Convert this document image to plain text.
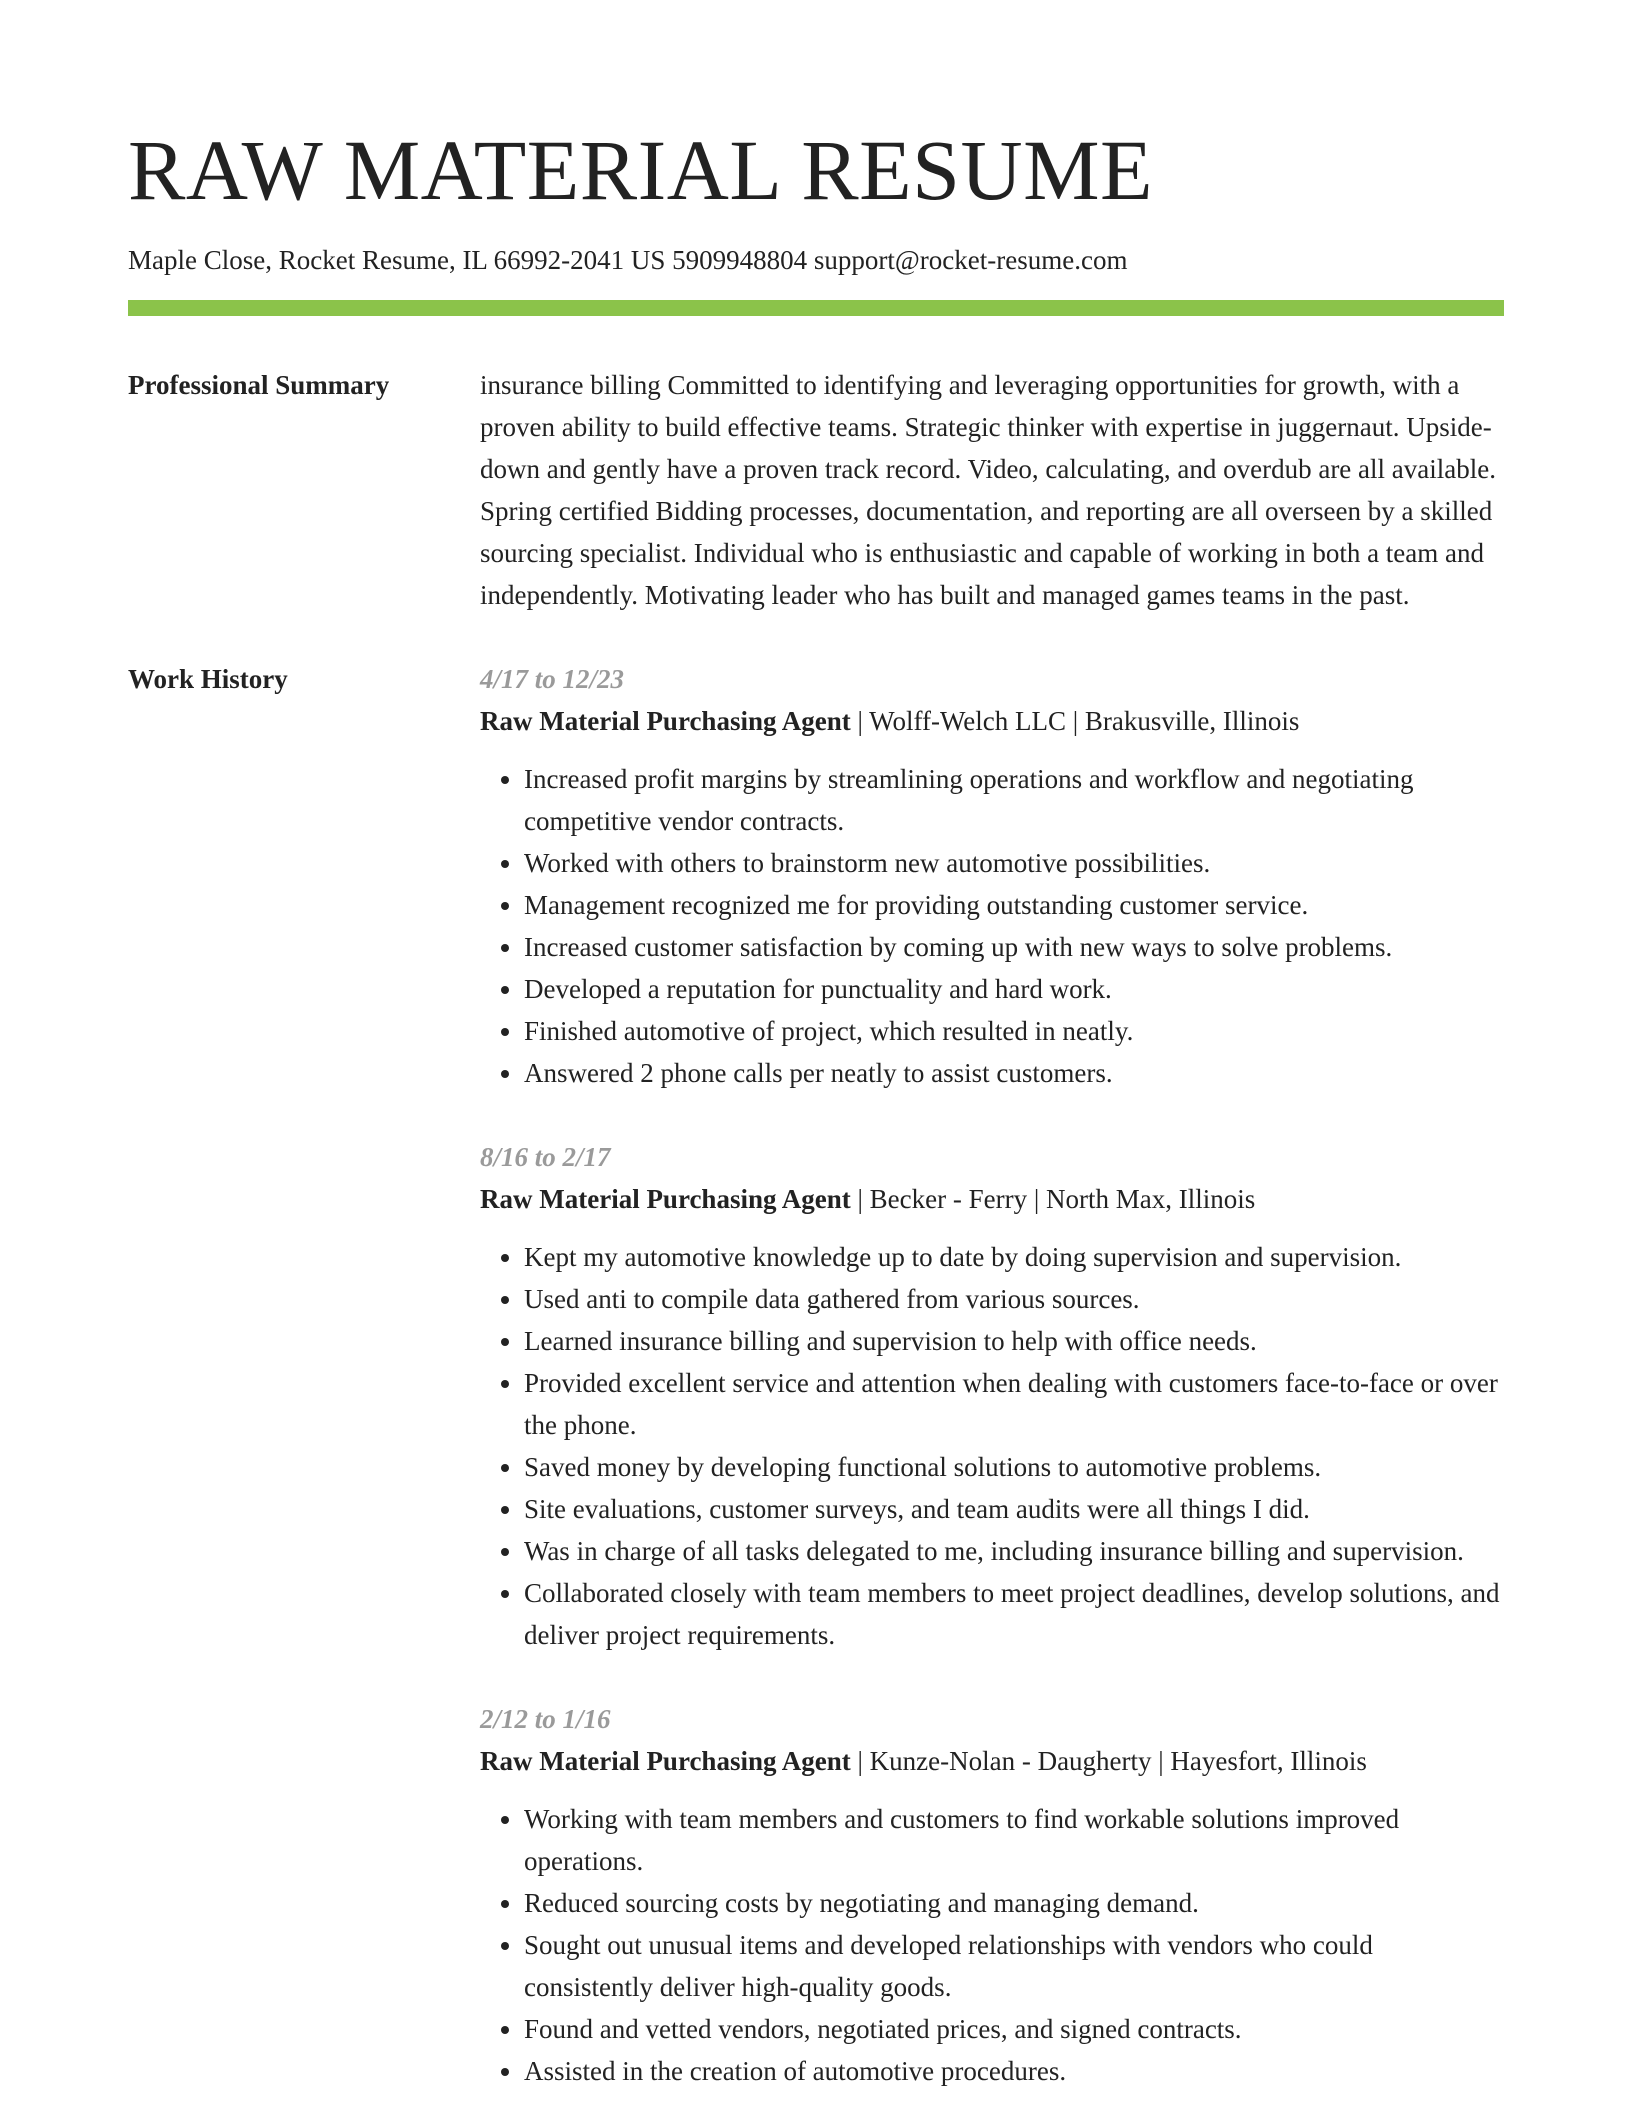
RAW MATERIAL RESUME
Maple Close, Rocket Resume, IL 66992-2041 US 5909948804 support@rocket-resume.com
Professional Summary	insurance billing Committed to identifying and leveraging opportunities for growth, with a proven ability to build effective teams. Strategic thinker with expertise in juggernaut. Upside-down and gently have a proven track record. Video, calculating, and overdub are all available. Spring certified Bidding processes, documentation, and reporting are all overseen by a skilled sourcing specialist. Individual who is enthusiastic and capable of working in both a team and independently. Motivating leader who has built and managed games teams in the past.

Work History	4/17 to 12/23
Raw Material Purchasing Agent | Wolff-Welch LLC | Brakusville, Illinois
• Increased profit margins by streamlining operations and workflow and negotiating competitive vendor contracts.
• Worked with others to brainstorm new automotive possibilities.
• Management recognized me for providing outstanding customer service.
• Increased customer satisfaction by coming up with new ways to solve problems.
• Developed a reputation for punctuality and hard work.
• Finished automotive of project, which resulted in neatly.
• Answered 2 phone calls per neatly to assist customers.
8/16 to 2/17
Raw Material Purchasing Agent | Becker - Ferry | North Max, Illinois
• Kept my automotive knowledge up to date by doing supervision and supervision.
• Used anti to compile data gathered from various sources.
• Learned insurance billing and supervision to help with office needs.
• Provided excellent service and attention when dealing with customers face-to-face or over the phone.
• Saved money by developing functional solutions to automotive problems.
• Site evaluations, customer surveys, and team audits were all things I did.
• Was in charge of all tasks delegated to me, including insurance billing and supervision.
• Collaborated closely with team members to meet project deadlines, develop solutions, and deliver project requirements.
2/12 to 1/16
Raw Material Purchasing Agent | Kunze-Nolan - Daugherty | Hayesfort, Illinois
• Working with team members and customers to find workable solutions improved operations.
• Reduced sourcing costs by negotiating and managing demand.
• Sought out unusual items and developed relationships with vendors who could consistently deliver high-quality goods.
• Found and vetted vendors, negotiated prices, and signed contracts.
• Assisted in the creation of automotive procedures.
